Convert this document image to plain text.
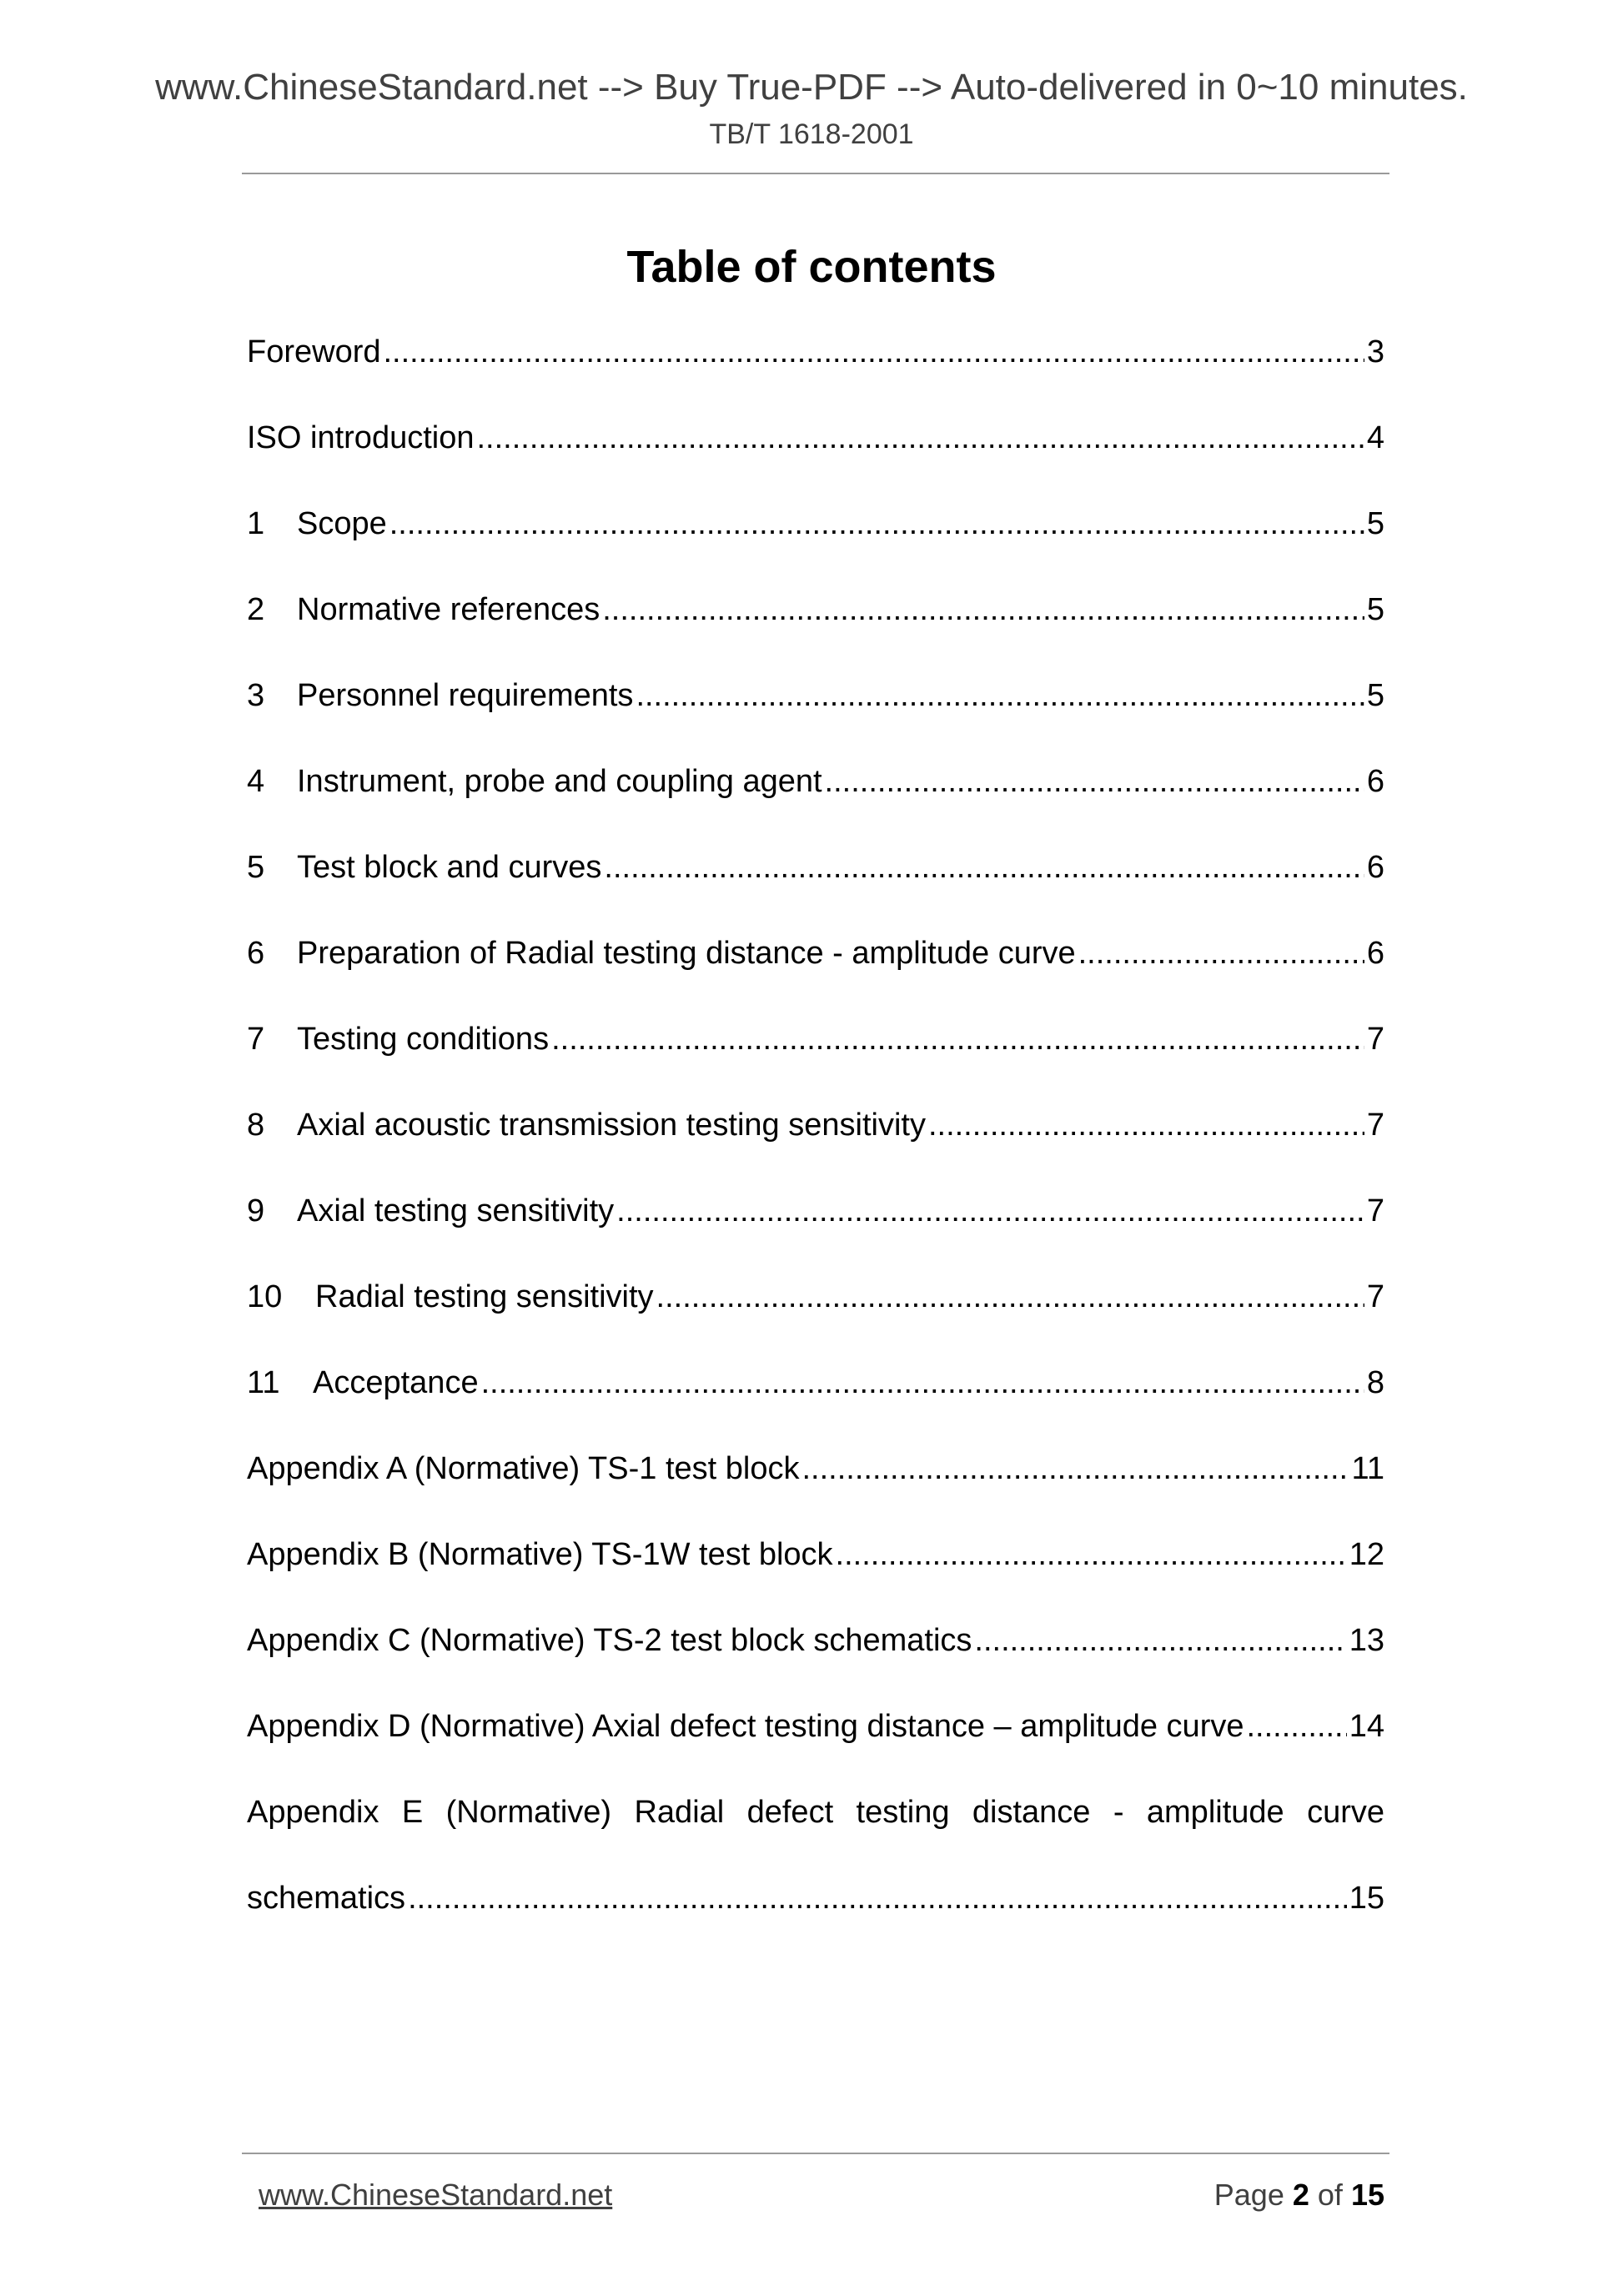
www.ChineseStandard.net --> Buy True-PDF --> Auto-delivered in 0~10 minutes.
TB/T 1618-2001
Table of contents
Foreword .....	3
ISO introduction .....	4
1	Scope .....	5
2	Normative references .....	5
3	Personnel requirements .....	5
4	Instrument, probe and coupling agent .....	6
5	Test block and curves .....	6
6	Preparation of Radial testing distance - amplitude curve .....	6
7	Testing conditions .....	7
8	Axial acoustic transmission testing sensitivity .....	7
9	Axial testing sensitivity .....	7
10	Radial testing sensitivity .....	7
11	Acceptance .....	8
Appendix A (Normative) TS-1 test block .....	11
Appendix B (Normative) TS-1W test block .....	12
Appendix C (Normative) TS-2 test block schematics .....	13
Appendix D (Normative) Axial defect testing distance – amplitude curve .....	14
Appendix E (Normative) Radial defect testing distance - amplitude curve
schematics .....	15
www.ChineseStandard.net	Page 2 of 15
